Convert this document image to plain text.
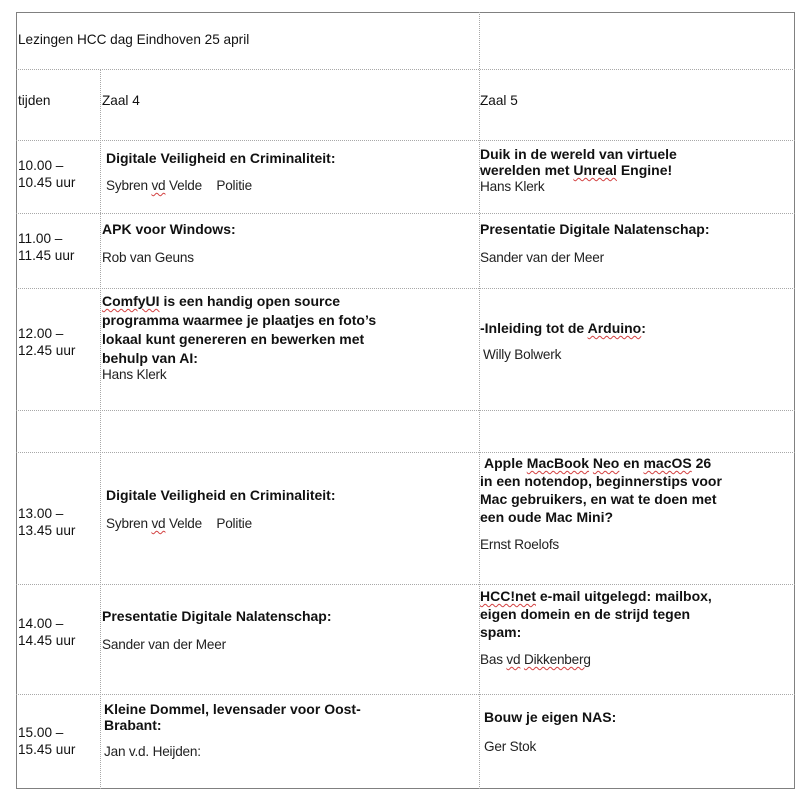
Lezingen HCC dag Eindhoven 25 april
tijden	Zaal 4	Zaal 5
10.00 –
10.45 uur
Digitale Veiligheid en Criminaliteit:
Sybren vd Velde    Politie
Duik in de wereld van virtuele
werelden met Unreal Engine!
Hans Klerk
11.00 –
11.45 uur
APK voor Windows:
Rob van Geuns
Presentatie Digitale Nalatenschap:
Sander van der Meer
12.00 –
12.45 uur
ComfyUI is een handig open source
programma waarmee je plaatjes en foto’s
lokaal kunt genereren en bewerken met
behulp van AI:
Hans Klerk
-Inleiding tot de Arduino:
Willy Bolwerk
13.00 –
13.45 uur
Digitale Veiligheid en Criminaliteit:
Sybren vd Velde    Politie
Apple MacBook Neo en macOS 26
in een notendop, beginnerstips voor
Mac gebruikers, en wat te doen met
een oude Mac Mini?
Ernst Roelofs
14.00 –
14.45 uur
Presentatie Digitale Nalatenschap:
Sander van der Meer
HCC!net e-mail uitgelegd: mailbox,
eigen domein en de strijd tegen
spam:
Bas vd Dikkenberg
15.00 –
15.45 uur
Kleine Dommel, levensader voor Oost-
Brabant:
Jan v.d. Heijden:
Bouw je eigen NAS:
Ger Stok
